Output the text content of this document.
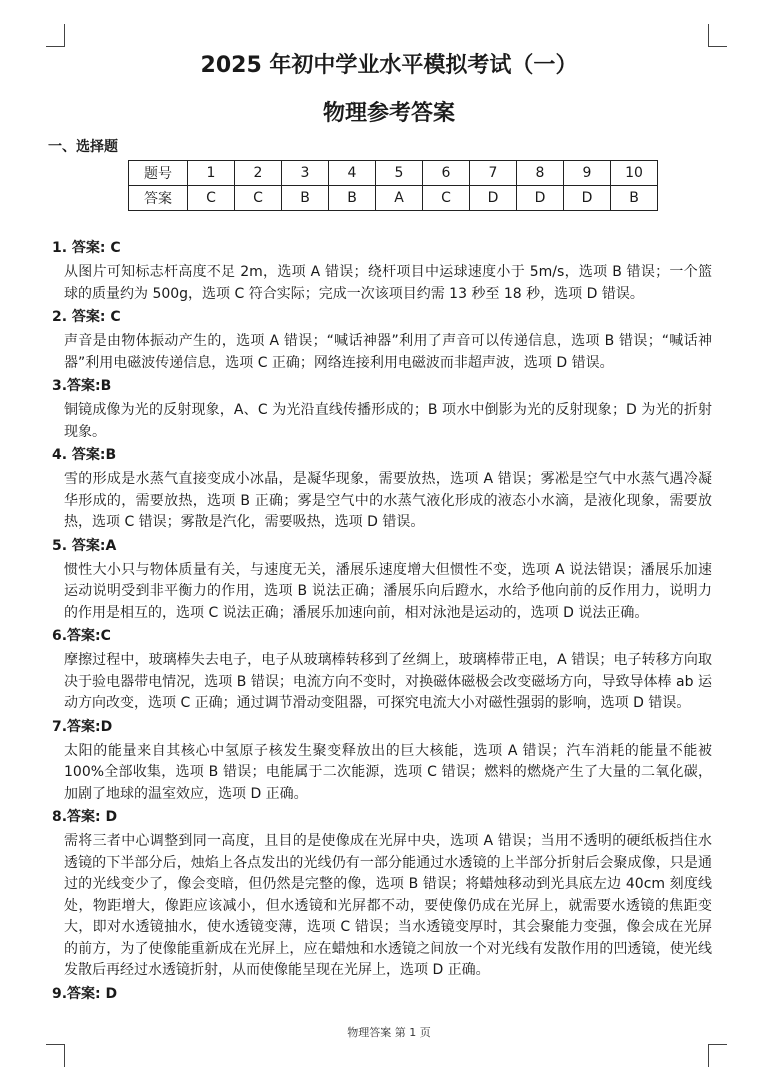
2025 年初中学业水平模拟考试（一）
物理参考答案
一、选择题
题号	1	2	3	4	5	6	7	8	9	10
答案	C	C	B	B	A	C	D	D	D	B

1. 答案: C

从图片可知标志杆高度不足 2m，选项 A 错误；绕杆项目中运球速度小于 5m/s，选项 B 错误；一个篮球的质量约为 500g，选项 C 符合实际；完成一次该项目约需 13 秒至 18 秒，选项 D 错误。

2. 答案: C

声音是由物体振动产生的，选项 A 错误；“喊话神器”利用了声音可以传递信息，选项 B 错误；“喊话神器”利用电磁波传递信息，选项 C 正确；网络连接利用电磁波而非超声波，选项 D 错误。

3.答案:B

铜镜成像为光的反射现象，A、C 为光沿直线传播形成的；B 项水中倒影为光的反射现象；D 为光的折射现象。

4. 答案:B

雪的形成是水蒸气直接变成小冰晶，是凝华现象，需要放热，选项 A 错误；雾凇是空气中水蒸气遇冷凝华形成的，需要放热，选项 B 正确；雾是空气中的水蒸气液化形成的液态小水滴，是液化现象，需要放热，选项 C 错误；雾散是汽化，需要吸热，选项 D 错误。

5. 答案:A

惯性大小只与物体质量有关，与速度无关，潘展乐速度增大但惯性不变，选项 A 说法错误；潘展乐加速运动说明受到非平衡力的作用，选项 B 说法正确；潘展乐向后蹬水，水给予他向前的反作用力，说明力的作用是相互的，选项 C 说法正确；潘展乐加速向前，相对泳池是运动的，选项 D 说法正确。

6.答案:C

摩擦过程中，玻璃棒失去电子，电子从玻璃棒转移到了丝绸上，玻璃棒带正电，A 错误；电子转移方向取决于验电器带电情况，选项 B 错误；电流方向不变时，对换磁体磁极会改变磁场方向，导致导体棒 ab 运动方向改变，选项 C 正确；通过调节滑动变阻器，可探究电流大小对磁性强弱的影响，选项 D 错误。

7.答案:D

太阳的能量来自其核心中氢原子核发生聚变释放出的巨大核能，选项 A 错误；汽车消耗的能量不能被 100%全部收集，选项 B 错误；电能属于二次能源，选项 C 错误；燃料的燃烧产生了大量的二氧化碳，加剧了地球的温室效应，选项 D 正确。

8.答案: D

需将三者中心调整到同一高度，且目的是使像成在光屏中央，选项 A 错误；当用不透明的硬纸板挡住水透镜的下半部分后，烛焰上各点发出的光线仍有一部分能通过水透镜的上半部分折射后会聚成像，只是通过的光线变少了，像会变暗，但仍然是完整的像，选项 B 错误；将蜡烛移动到光具底左边 40cm 刻度线处，物距增大，像距应该减小，但水透镜和光屏都不动，要使像仍成在光屏上，就需要水透镜的焦距变大，即对水透镜抽水，使水透镜变薄，选项 C 错误；当水透镜变厚时，其会聚能力变强，像会成在光屏的前方，为了使像能重新成在光屏上，应在蜡烛和水透镜之间放一个对光线有发散作用的凹透镜，使光线发散后再经过水透镜折射，从而使像能呈现在光屏上，选项 D 正确。

9.答案: D

物理答案 第 1 页
